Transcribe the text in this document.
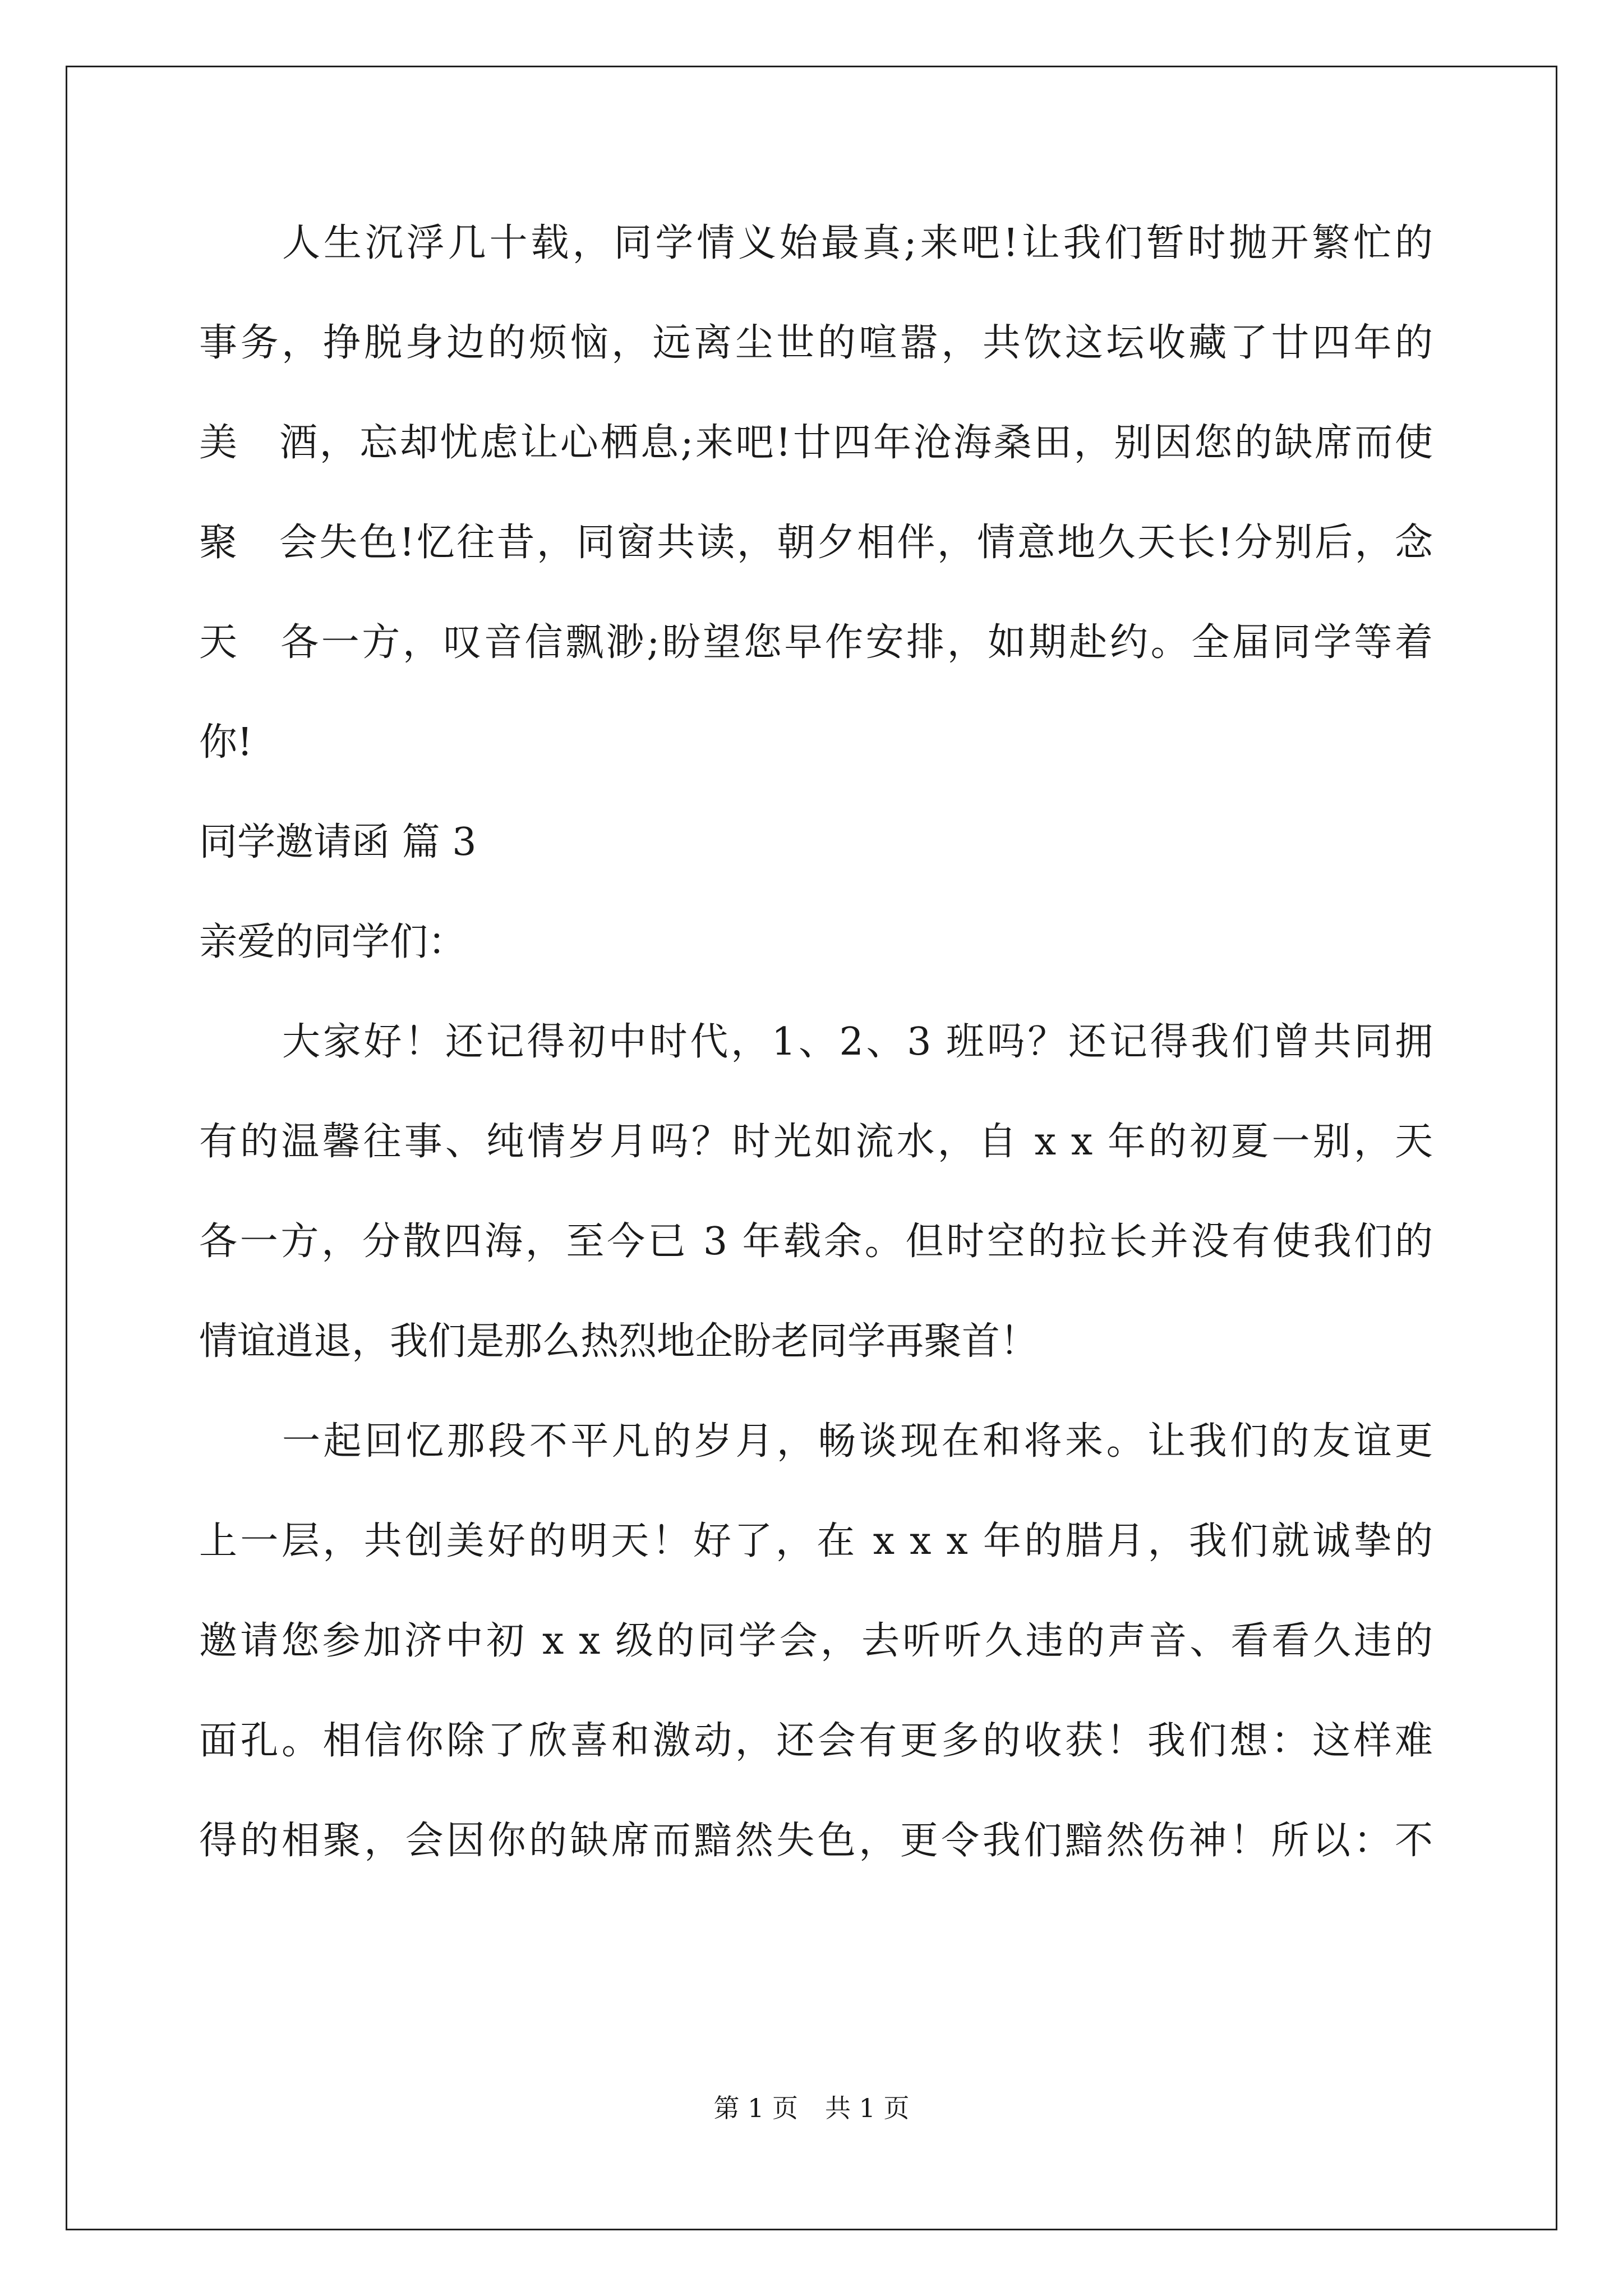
人生沉浮几十载，同学情义始最真;来吧!让我们暂时抛开繁忙的
事务，挣脱身边的烦恼，远离尘世的喧嚣，共饮这坛收藏了廿四年的
美　酒，忘却忧虑让心栖息;来吧!廿四年沧海桑田，别因您的缺席而使
聚　会失色!忆往昔，同窗共读，朝夕相伴，情意地久天长!分别后，念
天　各一方，叹音信飘渺;盼望您早作安排，如期赴约。全届同学等着
你!
同学邀请函 篇 3
亲爱的同学们：
大家好！还记得初中时代，1、2、3 班吗？还记得我们曾共同拥
有的温馨往事、纯情岁月吗？时光如流水，自 x x 年的初夏一别，天
各一方，分散四海，至今已 3 年载余。但时空的拉长并没有使我们的
情谊逍退，我们是那么热烈地企盼老同学再聚首！
一起回忆那段不平凡的岁月，畅谈现在和将来。让我们的友谊更
上一层，共创美好的明天！好了，在 x x x 年的腊月，我们就诚挚的
邀请您参加济中初 x x 级的同学会，去听听久违的声音、看看久违的
面孔。相信你除了欣喜和激动，还会有更多的收获！我们想：这样难
得的相聚，会因你的缺席而黯然失色，更令我们黯然伤神！所以：不
第 1 页 共 1 页
